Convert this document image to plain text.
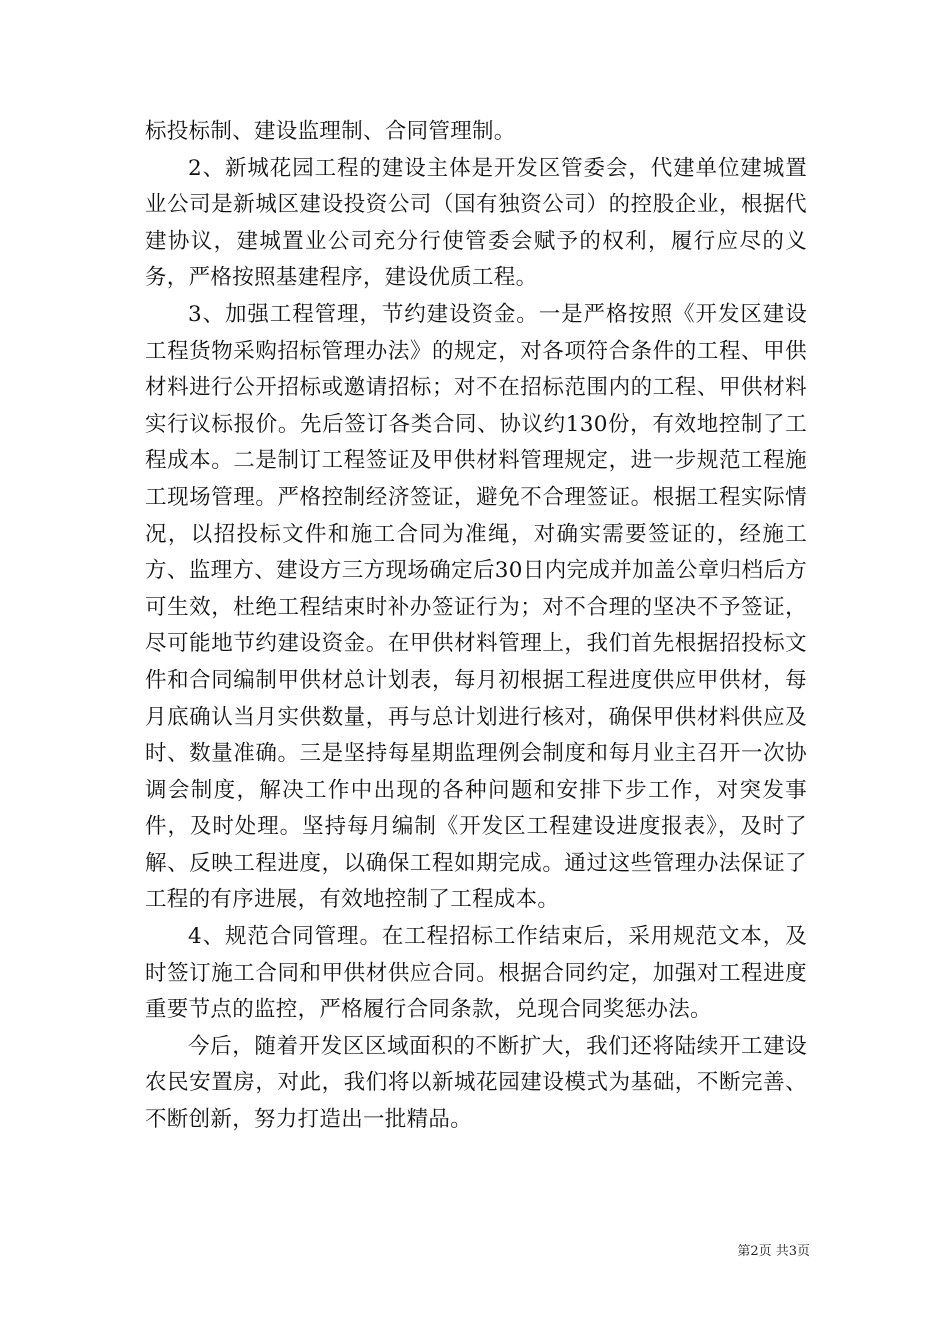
标投标制、建设监理制、合同管理制。

2、新城花园工程的建设主体是开发区管委会，代建单位建城置业公司是新城区建设投资公司（国有独资公司）的控股企业，根据代建协议，建城置业公司充分行使管委会赋予的权利，履行应尽的义务，严格按照基建程序，建设优质工程。

3、加强工程管理，节约建设资金。一是严格按照《开发区建设工程货物采购招标管理办法》的规定，对各项符合条件的工程、甲供材料进行公开招标或邀请招标；对不在招标范围内的工程、甲供材料实行议标报价。先后签订各类合同、协议约130份，有效地控制了工程成本。二是制订工程签证及甲供材料管理规定，进一步规范工程施工现场管理。严格控制经济签证，避免不合理签证。根据工程实际情况，以招投标文件和施工合同为准绳，对确实需要签证的，经施工方、监理方、建设方三方现场确定后30日内完成并加盖公章归档后方可生效，杜绝工程结束时补办签证行为；对不合理的坚决不予签证，尽可能地节约建设资金。在甲供材料管理上，我们首先根据招投标文件和合同编制甲供材总计划表，每月初根据工程进度供应甲供材，每月底确认当月实供数量，再与总计划进行核对，确保甲供材料供应及时、数量准确。三是坚持每星期监理例会制度和每月业主召开一次协调会制度，解决工作中出现的各种问题和安排下步工作，对突发事件，及时处理。坚持每月编制《开发区工程建设进度报表》，及时了解、反映工程进度，以确保工程如期完成。通过这些管理办法保证了工程的有序进展，有效地控制了工程成本。

4、规范合同管理。在工程招标工作结束后，采用规范文本，及时签订施工合同和甲供材供应合同。根据合同约定，加强对工程进度重要节点的监控，严格履行合同条款，兑现合同奖惩办法。

今后，随着开发区区域面积的不断扩大，我们还将陆续开工建设农民安置房，对此，我们将以新城花园建设模式为基础，不断完善、不断创新，努力打造出一批精品。

第2页 共3页
